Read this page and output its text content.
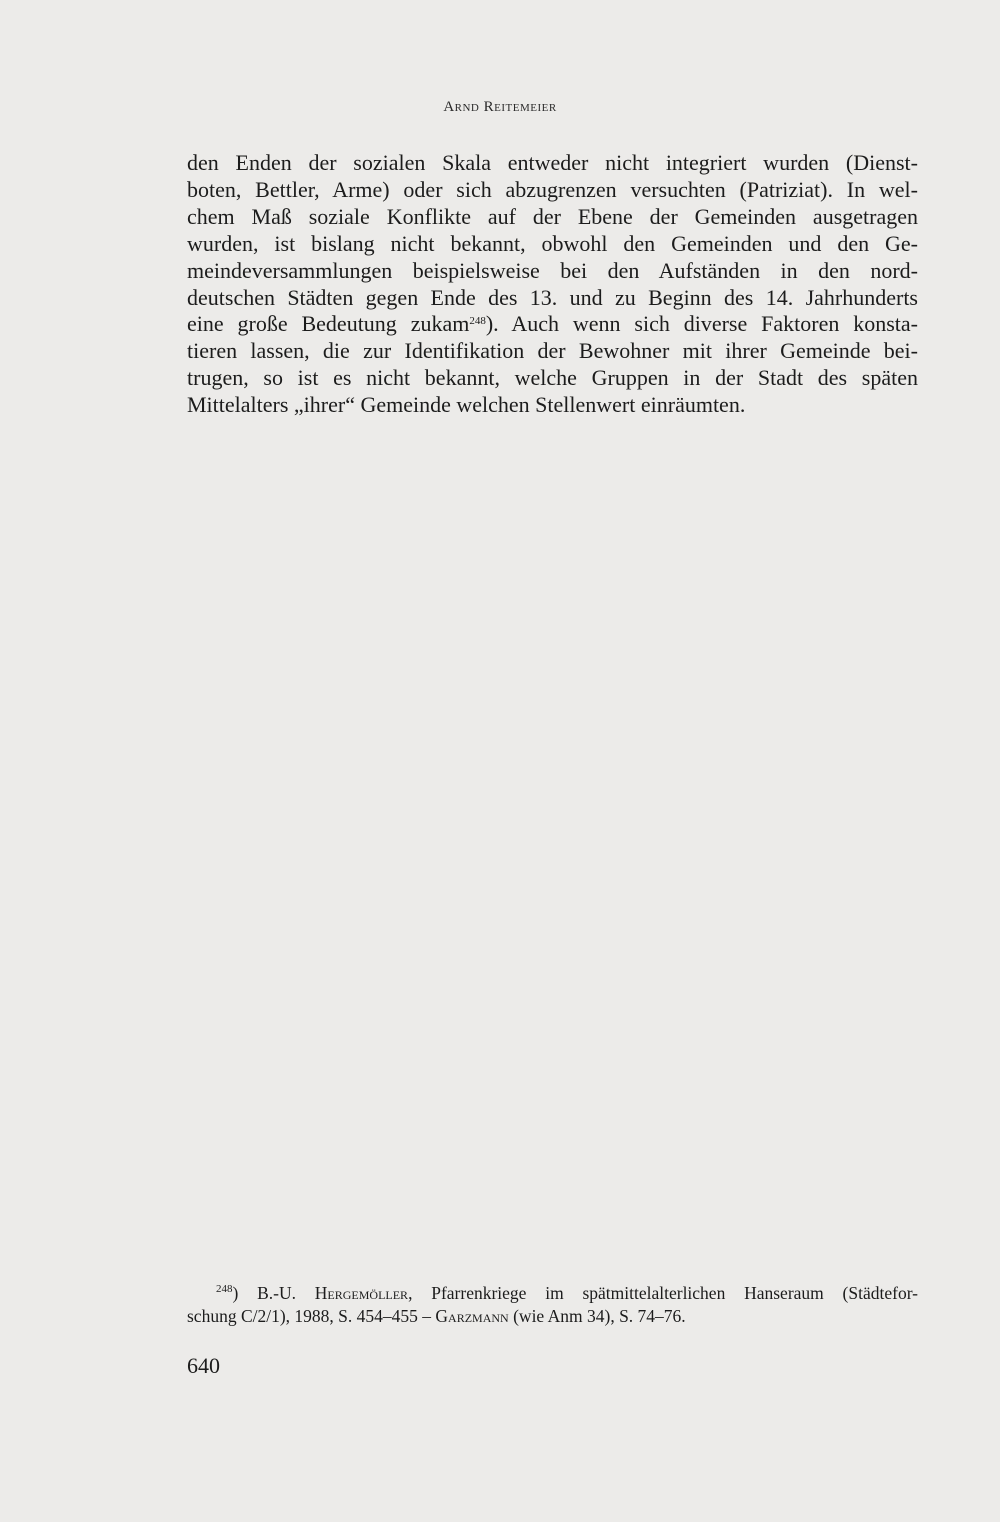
Arnd Reitemeier
den Enden der sozialen Skala entweder nicht integriert wurden (Dienst-
boten, Bettler, Arme) oder sich abzugrenzen versuchten (Patriziat). In wel-
chem Maß soziale Konflikte auf der Ebene der Gemeinden ausgetragen
wurden, ist bislang nicht bekannt, obwohl den Gemeinden und den Ge-
meindeversammlungen beispielsweise bei den Aufständen in den nord-
deutschen Städten gegen Ende des 13. und zu Beginn des 14. Jahrhunderts
eine große Bedeutung zukam$^{248}$). Auch wenn sich diverse Faktoren konsta-
tieren lassen, die zur Identifikation der Bewohner mit ihrer Gemeinde bei-
trugen, so ist es nicht bekannt, welche Gruppen in der Stadt des späten
Mittelalters „ihrer“ Gemeinde welchen Stellenwert einräumten.
$^{248}$) B.-U. Hergemöller, Pfarrenkriege im spätmittelalterlichen Hanseraum (Städtefor-
schung C/2/1), 1988, S. 454–455 – Garzmann (wie Anm 34), S. 74–76.
640
